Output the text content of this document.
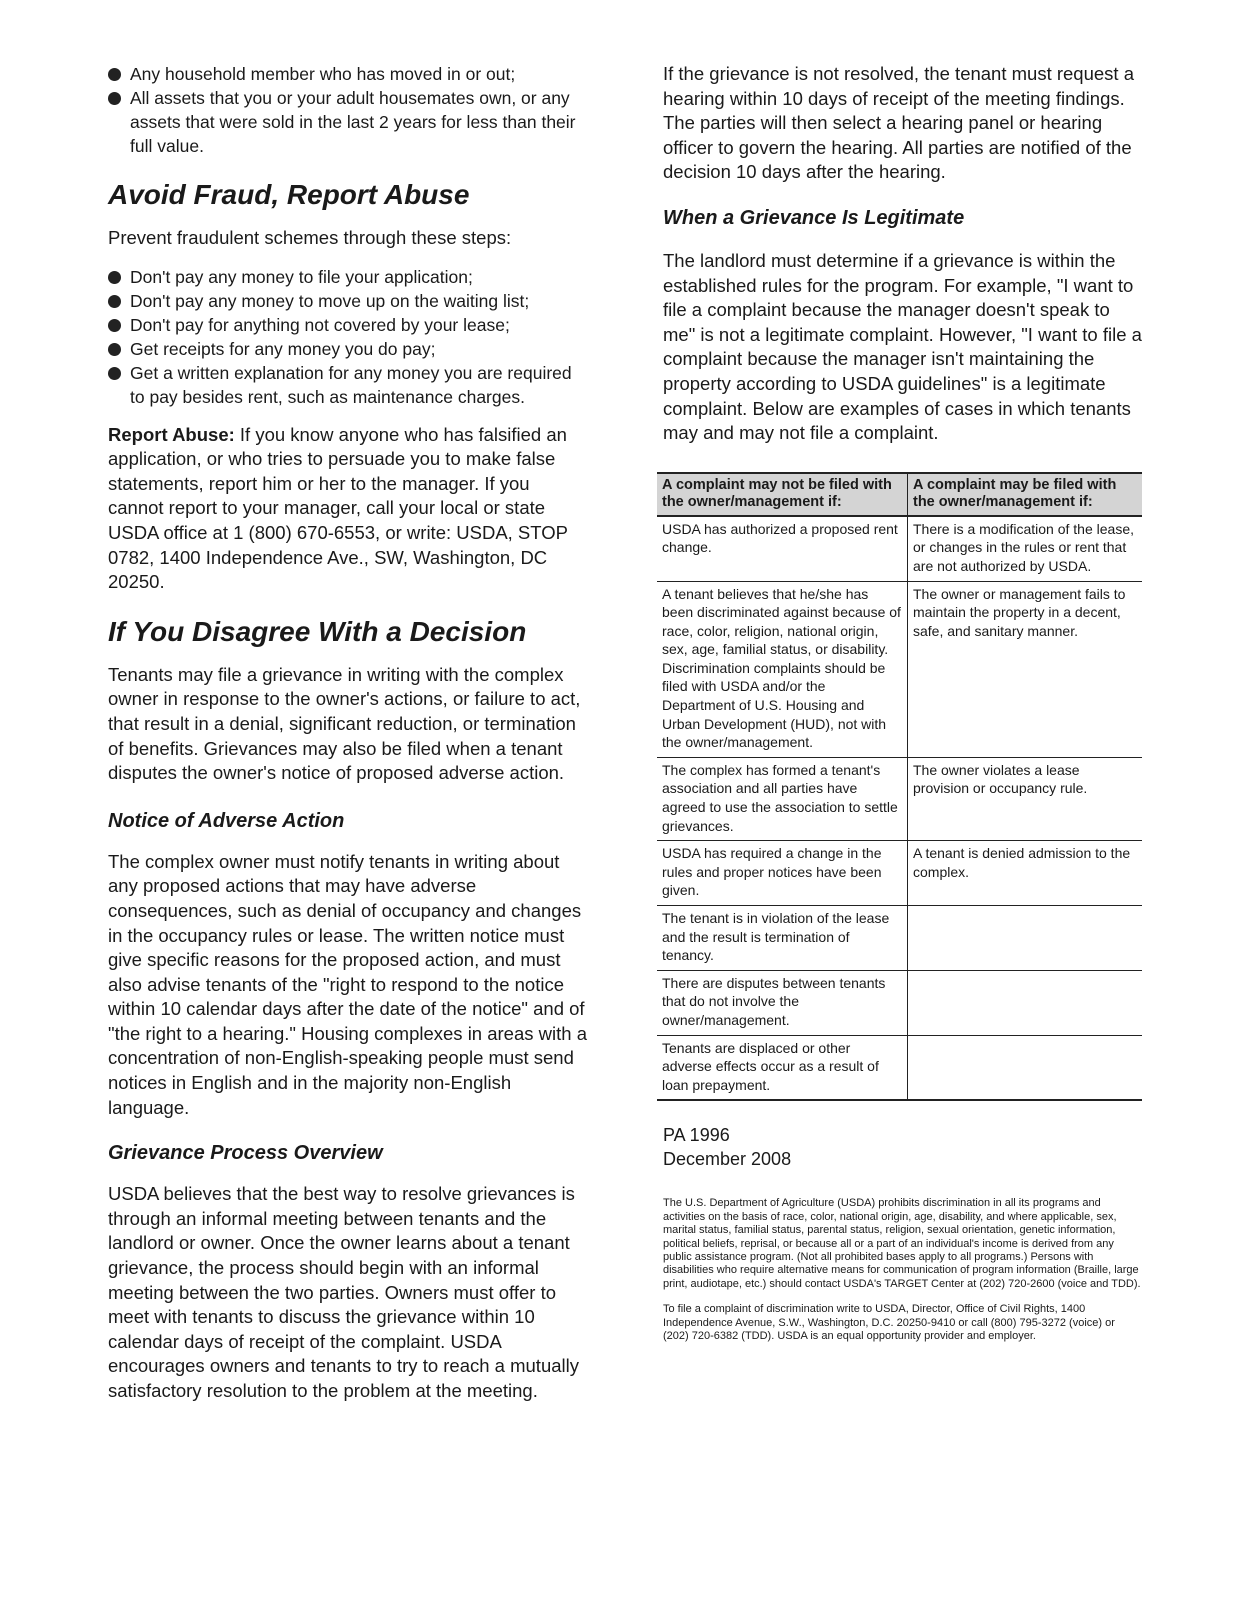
Any household member who has moved in or out;
All assets that you or your adult housemates own, or any assets that were sold in the last 2 years for less than their full value.
Avoid Fraud, Report Abuse

Prevent fraudulent schemes through these steps:

Don't pay any money to file your application;
Don't pay any money to move up on the waiting list;
Don't pay for anything not covered by your lease;
Get receipts for any money you do pay;
Get a written explanation for any money you are required to pay besides rent, such as maintenance charges.

Report Abuse: If you know anyone who has falsified an application, or who tries to persuade you to make false statements, report him or her to the manager. If you cannot report to your manager, call your local or state USDA office at 1 (800) 670-6553, or write: USDA, STOP 0782, 1400 Independence Ave., SW, Washington, DC 20250.

If You Disagree With a Decision

Tenants may file a grievance in writing with the complex owner in response to the owner's actions, or failure to act, that result in a denial, significant reduction, or termination of benefits. Grievances may also be filed when a tenant disputes the owner's notice of proposed adverse action.

Notice of Adverse Action

The complex owner must notify tenants in writing about any proposed actions that may have adverse consequences, such as denial of occupancy and changes in the occupancy rules or lease. The written notice must give specific reasons for the proposed action, and must also advise tenants of the "right to respond to the notice within 10 calendar days after the date of the notice" and of "the right to a hearing." Housing complexes in areas with a concentration of non-English-speaking people must send notices in English and in the majority non-English language.

Grievance Process Overview

USDA believes that the best way to resolve grievances is through an informal meeting between tenants and the landlord or owner. Once the owner learns about a tenant grievance, the process should begin with an informal meeting between the two parties. Owners must offer to meet with tenants to discuss the grievance within 10 calendar days of receipt of the complaint. USDA encourages owners and tenants to try to reach a mutually satisfactory resolution to the problem at the meeting.

If the grievance is not resolved, the tenant must request a hearing within 10 days of receipt of the meeting findings. The parties will then select a hearing panel or hearing officer to govern the hearing. All parties are notified of the decision 10 days after the hearing.

When a Grievance Is Legitimate

The landlord must determine if a grievance is within the established rules for the program. For example, "I want to file a complaint because the manager doesn't speak to me" is not a legitimate complaint. However, "I want to file a complaint because the manager isn't maintaining the property according to USDA guidelines" is a legitimate complaint. Below are examples of cases in which tenants may and may not file a complaint.

A complaint may not be filed with the owner/management if:	A complaint may be filed with the owner/management if:
USDA has authorized a proposed rent change.	There is a modification of the lease, or changes in the rules or rent that are not authorized by USDA.
A tenant believes that he/she has been discriminated against because of race, color, religion, national origin, sex, age, familial status, or disability. Discrimination complaints should be filed with USDA and/or the Department of U.S. Housing and Urban Development (HUD), not with the owner/management.	The owner or management fails to maintain the property in a decent, safe, and sanitary manner.
The complex has formed a tenant's association and all parties have agreed to use the association to settle grievances.	The owner violates a lease provision or occupancy rule.
USDA has required a change in the rules and proper notices have been given.	A tenant is denied admission to the complex.
The tenant is in violation of the lease and the result is termination of tenancy.	
There are disputes between tenants that do not involve the owner/management.	
Tenants are displaced or other adverse effects occur as a result of loan prepayment.	

PA 1996

December 2008

The U.S. Department of Agriculture (USDA) prohibits discrimination in all its programs and activities on the basis of race, color, national origin, age, disability, and where applicable, sex, marital status, familial status, parental status, religion, sexual orientation, genetic information, political beliefs, reprisal, or because all or a part of an individual's income is derived from any public assistance program. (Not all prohibited bases apply to all programs.) Persons with disabilities who require alternative means for communication of program information (Braille, large print, audiotape, etc.) should contact USDA's TARGET Center at (202) 720-2600 (voice and TDD).

To file a complaint of discrimination write to USDA, Director, Office of Civil Rights, 1400 Independence Avenue, S.W., Washington, D.C. 20250-9410 or call (800) 795-3272 (voice) or (202) 720-6382 (TDD). USDA is an equal opportunity provider and employer.
